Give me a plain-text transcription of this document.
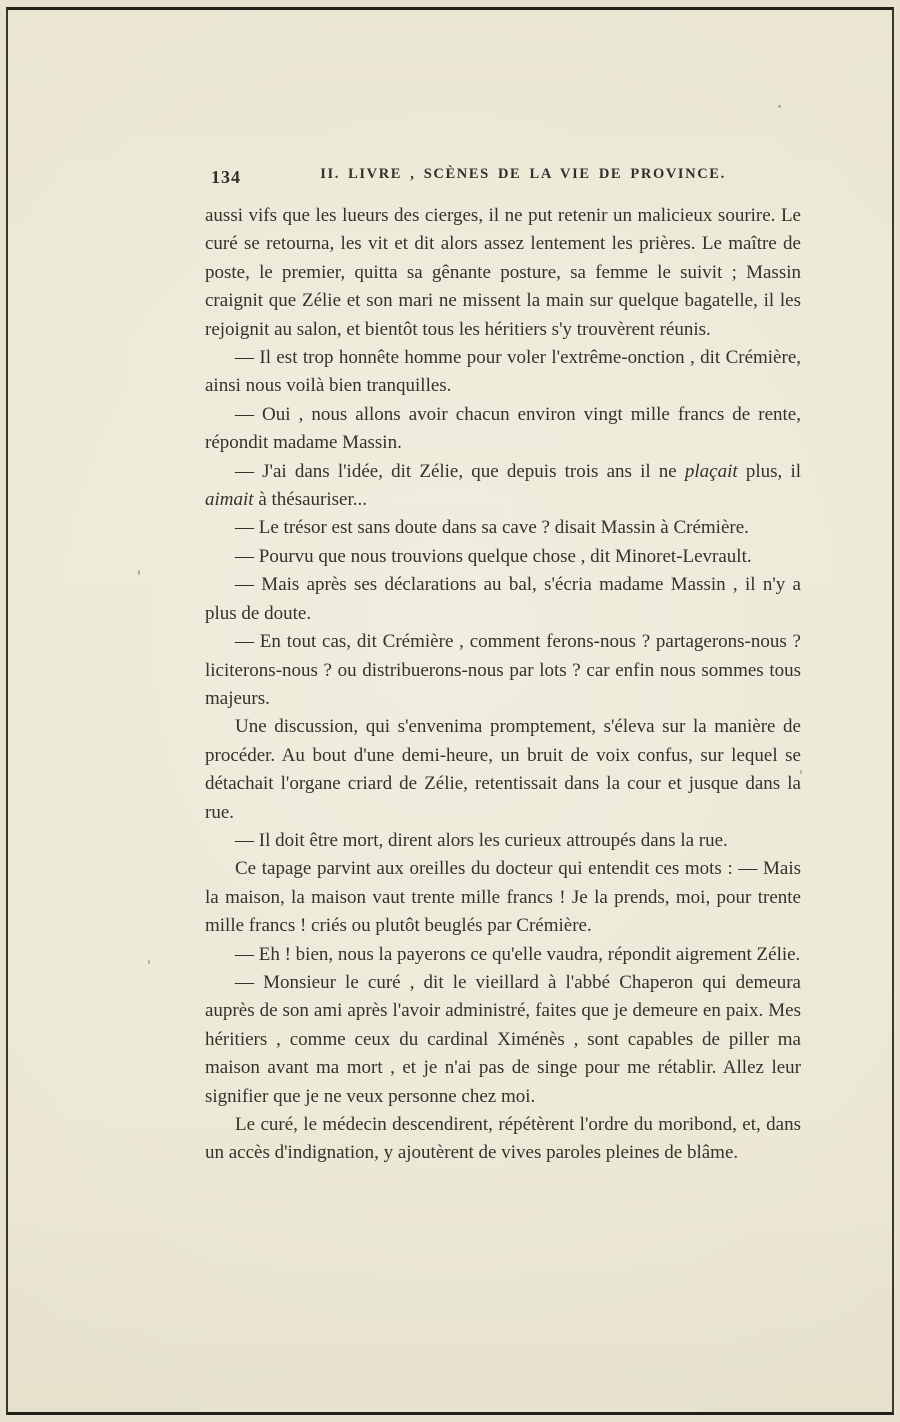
134	II. LIVRE , SCÈNES DE LA VIE DE PROVINCE.

aussi vifs que les lueurs des cierges, il ne put retenir un malicieux sourire. Le curé se retourna, les vit et dit alors assez lentement les prières. Le maître de poste, le premier, quitta sa gênante posture, sa femme le suivit ; Massin craignit que Zélie et son mari ne missent la main sur quelque bagatelle, il les rejoignit au salon, et bientôt tous les héritiers s'y trouvèrent réunis.

— Il est trop honnête homme pour voler l'extrême-onction , dit Crémière, ainsi nous voilà bien tranquilles.

— Oui , nous allons avoir chacun environ vingt mille francs de rente, répondit madame Massin.

— J'ai dans l'idée, dit Zélie, que depuis trois ans il ne plaçait plus, il aimait à thésauriser...

— Le trésor est sans doute dans sa cave ? disait Massin à Crémière.

— Pourvu que nous trouvions quelque chose , dit Minoret-Levrault.

— Mais après ses déclarations au bal, s'écria madame Massin , il n'y a plus de doute.

— En tout cas, dit Crémière , comment ferons-nous ? partagerons-nous ? liciterons-nous ? ou distribuerons-nous par lots ? car enfin nous sommes tous majeurs.

Une discussion, qui s'envenima promptement, s'éleva sur la manière de procéder. Au bout d'une demi-heure, un bruit de voix confus, sur lequel se détachait l'organe criard de Zélie, retentissait dans la cour et jusque dans la rue.

— Il doit être mort, dirent alors les curieux attroupés dans la rue.

Ce tapage parvint aux oreilles du docteur qui entendit ces mots : — Mais la maison, la maison vaut trente mille francs ! Je la prends, moi, pour trente mille francs ! criés ou plutôt beuglés par Crémière.

— Eh ! bien, nous la payerons ce qu'elle vaudra, répondit aigrement Zélie.

— Monsieur le curé , dit le vieillard à l'abbé Chaperon qui demeura auprès de son ami après l'avoir administré, faites que je demeure en paix. Mes héritiers , comme ceux du cardinal Ximénès , sont capables de piller ma maison avant ma mort , et je n'ai pas de singe pour me rétablir. Allez leur signifier que je ne veux personne chez moi.

Le curé, le médecin descendirent, répétèrent l'ordre du moribond, et, dans un accès d'indignation, y ajoutèrent de vives paroles pleines de blâme.
